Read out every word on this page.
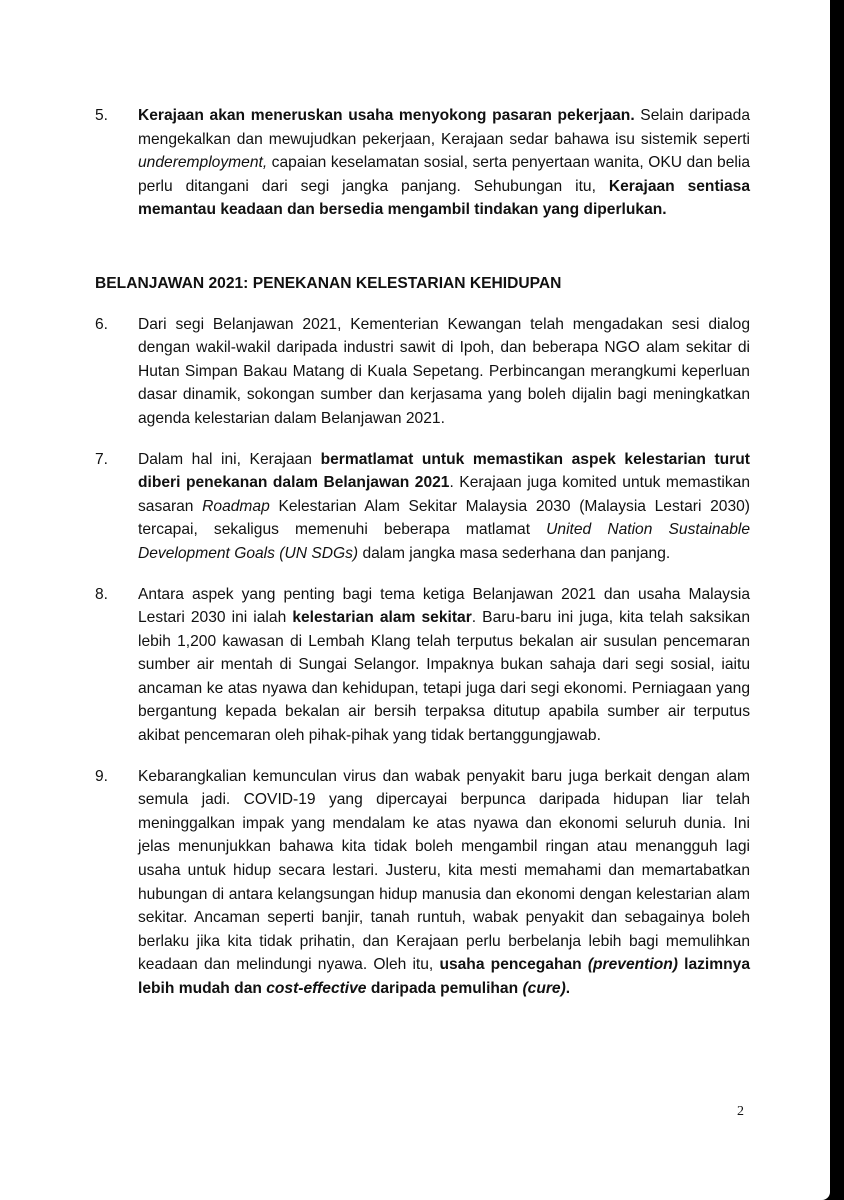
5. Kerajaan akan meneruskan usaha menyokong pasaran pekerjaan. Selain daripada mengekalkan dan mewujudkan pekerjaan, Kerajaan sedar bahawa isu sistemik seperti underemployment, capaian keselamatan sosial, serta penyertaan wanita, OKU dan belia perlu ditangani dari segi jangka panjang. Sehubungan itu, Kerajaan sentiasa memantau keadaan dan bersedia mengambil tindakan yang diperlukan.

BELANJAWAN 2021: PENEKANAN KELESTARIAN KEHIDUPAN

6. Dari segi Belanjawan 2021, Kementerian Kewangan telah mengadakan sesi dialog dengan wakil-wakil daripada industri sawit di Ipoh, dan beberapa NGO alam sekitar di Hutan Simpan Bakau Matang di Kuala Sepetang. Perbincangan merangkumi keperluan dasar dinamik, sokongan sumber dan kerjasama yang boleh dijalin bagi meningkatkan agenda kelestarian dalam Belanjawan 2021.

7. Dalam hal ini, Kerajaan bermatlamat untuk memastikan aspek kelestarian turut diberi penekanan dalam Belanjawan 2021. Kerajaan juga komited untuk memastikan sasaran Roadmap Kelestarian Alam Sekitar Malaysia 2030 (Malaysia Lestari 2030) tercapai, sekaligus memenuhi beberapa matlamat United Nation Sustainable Development Goals (UN SDGs) dalam jangka masa sederhana dan panjang.

8. Antara aspek yang penting bagi tema ketiga Belanjawan 2021 dan usaha Malaysia Lestari 2030 ini ialah kelestarian alam sekitar. Baru-baru ini juga, kita telah saksikan lebih 1,200 kawasan di Lembah Klang telah terputus bekalan air susulan pencemaran sumber air mentah di Sungai Selangor. Impaknya bukan sahaja dari segi sosial, iaitu ancaman ke atas nyawa dan kehidupan, tetapi juga dari segi ekonomi. Perniagaan yang bergantung kepada bekalan air bersih terpaksa ditutup apabila sumber air terputus akibat pencemaran oleh pihak-pihak yang tidak bertanggungjawab.

9. Kebarangkalian kemunculan virus dan wabak penyakit baru juga berkait dengan alam semula jadi. COVID-19 yang dipercayai berpunca daripada hidupan liar telah meninggalkan impak yang mendalam ke atas nyawa dan ekonomi seluruh dunia. Ini jelas menunjukkan bahawa kita tidak boleh mengambil ringan atau menangguh lagi usaha untuk hidup secara lestari. Justeru, kita mesti memahami dan memartabatkan hubungan di antara kelangsungan hidup manusia dan ekonomi dengan kelestarian alam sekitar. Ancaman seperti banjir, tanah runtuh, wabak penyakit dan sebagainya boleh berlaku jika kita tidak prihatin, dan Kerajaan perlu berbelanja lebih bagi memulihkan keadaan dan melindungi nyawa. Oleh itu, usaha pencegahan (prevention) lazimnya lebih mudah dan cost-effective daripada pemulihan (cure).

2
